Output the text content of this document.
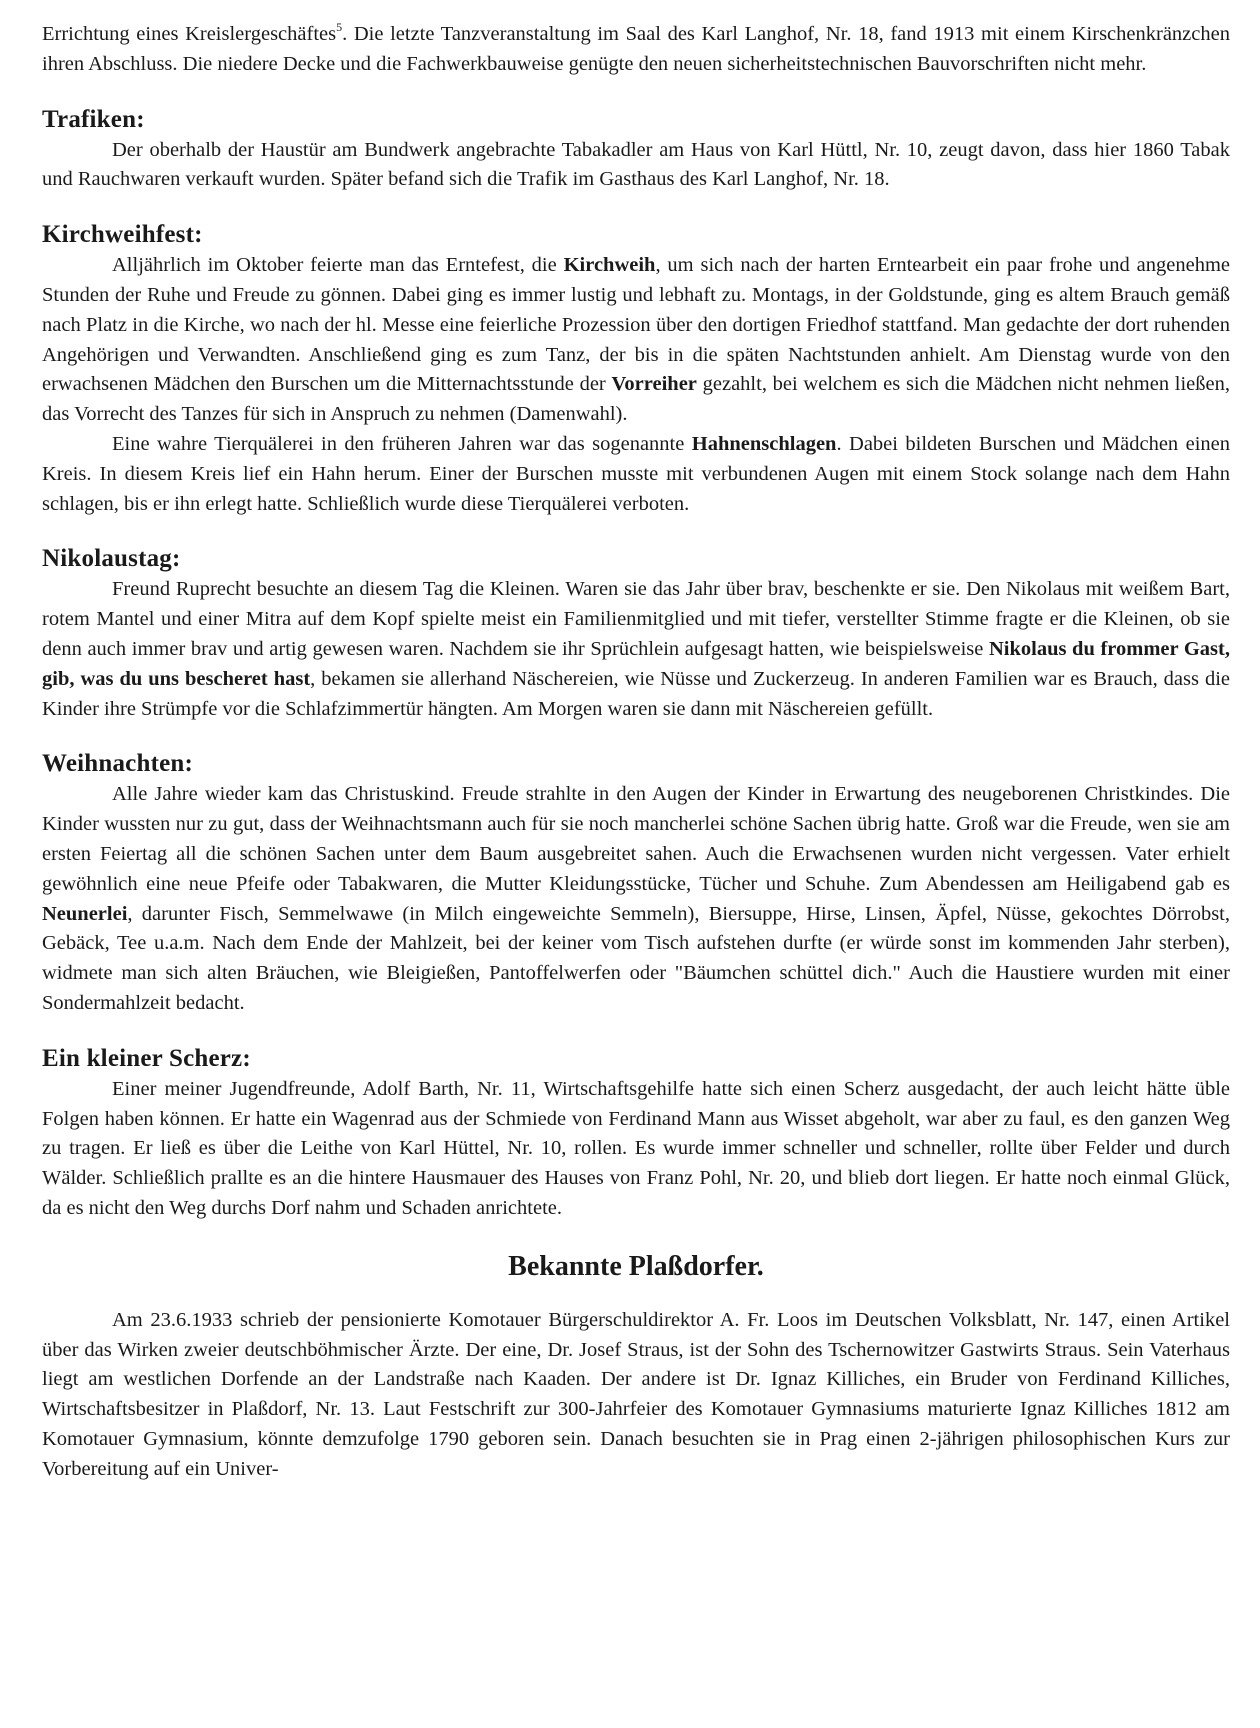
Errichtung eines Kreislergeschäftes$^5$. Die letzte Tanzveranstaltung im Saal des Karl Langhof, Nr. 18, fand 1913 mit einem Kirschenkränzchen ihren Abschluss. Die niedere Decke und die Fachwerkbauweise genügte den neuen sicherheitstechnischen Bauvorschriften nicht mehr.

Trafiken:

Der oberhalb der Haustür am Bundwerk angebrachte Tabakadler am Haus von Karl Hüttl, Nr. 10, zeugt davon, dass hier 1860 Tabak und Rauchwaren verkauft wurden. Später befand sich die Trafik im Gasthaus des Karl Langhof, Nr. 18.

Kirchweihfest:

Alljährlich im Oktober feierte man das Erntefest, die Kirchweih, um sich nach der harten Erntearbeit ein paar frohe und angenehme Stunden der Ruhe und Freude zu gönnen. Dabei ging es immer lustig und lebhaft zu. Montags, in der Goldstunde, ging es altem Brauch gemäß nach Platz in die Kirche, wo nach der hl. Messe eine feierliche Prozession über den dortigen Friedhof stattfand. Man gedachte der dort ruhenden Angehörigen und Verwandten. Anschließend ging es zum Tanz, der bis in die späten Nachtstunden anhielt. Am Dienstag wurde von den erwachsenen Mädchen den Burschen um die Mitternachtsstunde der Vorreiher gezahlt, bei welchem es sich die Mädchen nicht nehmen ließen, das Vorrecht des Tanzes für sich in Anspruch zu nehmen (Damenwahl).

Eine wahre Tierquälerei in den früheren Jahren war das sogenannte Hahnenschlagen. Dabei bildeten Burschen und Mädchen einen Kreis. In diesem Kreis lief ein Hahn herum. Einer der Burschen musste mit verbundenen Augen mit einem Stock solange nach dem Hahn schlagen, bis er ihn erlegt hatte. Schließlich wurde diese Tierquälerei verboten.

Nikolaustag:

Freund Ruprecht besuchte an diesem Tag die Kleinen. Waren sie das Jahr über brav, beschenkte er sie. Den Nikolaus mit weißem Bart, rotem Mantel und einer Mitra auf dem Kopf spielte meist ein Familienmitglied und mit tiefer, verstellter Stimme fragte er die Kleinen, ob sie denn auch immer brav und artig gewesen waren. Nachdem sie ihr Sprüchlein aufgesagt hatten, wie beispielsweise Nikolaus du frommer Gast, gib, was du uns bescheret hast, bekamen sie allerhand Näschereien, wie Nüsse und Zuckerzeug. In anderen Familien war es Brauch, dass die Kinder ihre Strümpfe vor die Schlafzimmertür hängten. Am Morgen waren sie dann mit Näschereien gefüllt.

Weihnachten:

Alle Jahre wieder kam das Christuskind. Freude strahlte in den Augen der Kinder in Erwartung des neugeborenen Christkindes. Die Kinder wussten nur zu gut, dass der Weihnachtsmann auch für sie noch mancherlei schöne Sachen übrig hatte. Groß war die Freude, wen sie am ersten Feiertag all die schönen Sachen unter dem Baum ausgebreitet sahen. Auch die Erwachsenen wurden nicht vergessen. Vater erhielt gewöhnlich eine neue Pfeife oder Tabakwaren, die Mutter Kleidungsstücke, Tücher und Schuhe. Zum Abendessen am Heiligabend gab es Neunerlei, darunter Fisch, Semmelwawe (in Milch eingeweichte Semmeln), Biersuppe, Hirse, Linsen, Äpfel, Nüsse, gekochtes Dörrobst, Gebäck, Tee u.a.m. Nach dem Ende der Mahlzeit, bei der keiner vom Tisch aufstehen durfte (er würde sonst im kommenden Jahr sterben), widmete man sich alten Bräuchen, wie Bleigießen, Pantoffelwerfen oder "Bäumchen schüttel dich." Auch die Haustiere wurden mit einer Sondermahlzeit bedacht.

Ein kleiner Scherz:

Einer meiner Jugendfreunde, Adolf Barth, Nr. 11, Wirtschaftsgehilfe hatte sich einen Scherz ausgedacht, der auch leicht hätte üble Folgen haben können. Er hatte ein Wagenrad aus der Schmiede von Ferdinand Mann aus Wisset abgeholt, war aber zu faul, es den ganzen Weg zu tragen. Er ließ es über die Leithe von Karl Hüttel, Nr. 10, rollen. Es wurde immer schneller und schneller, rollte über Felder und durch Wälder. Schließlich prallte es an die hintere Hausmauer des Hauses von Franz Pohl, Nr. 20, und blieb dort liegen. Er hatte noch einmal Glück, da es nicht den Weg durchs Dorf nahm und Schaden anrichtete.

Bekannte Plaßdorfer.

Am 23.6.1933 schrieb der pensionierte Komotauer Bürgerschuldirektor A. Fr. Loos im Deutschen Volksblatt, Nr. 147, einen Artikel über das Wirken zweier deutschböhmischer Ärzte. Der eine, Dr. Josef Straus, ist der Sohn des Tschernowitzer Gastwirts Straus. Sein Vaterhaus liegt am westlichen Dorfende an der Landstraße nach Kaaden. Der andere ist Dr. Ignaz Killiches, ein Bruder von Ferdinand Killiches, Wirtschaftsbesitzer in Plaßdorf, Nr. 13. Laut Festschrift zur 300-Jahrfeier des Komotauer Gymnasiums maturierte Ignaz Killiches 1812 am Komotauer Gymnasium, könnte demzufolge 1790 geboren sein. Danach besuchten sie in Prag einen 2-jährigen philosophischen Kurs zur Vorbereitung auf ein Univer-
